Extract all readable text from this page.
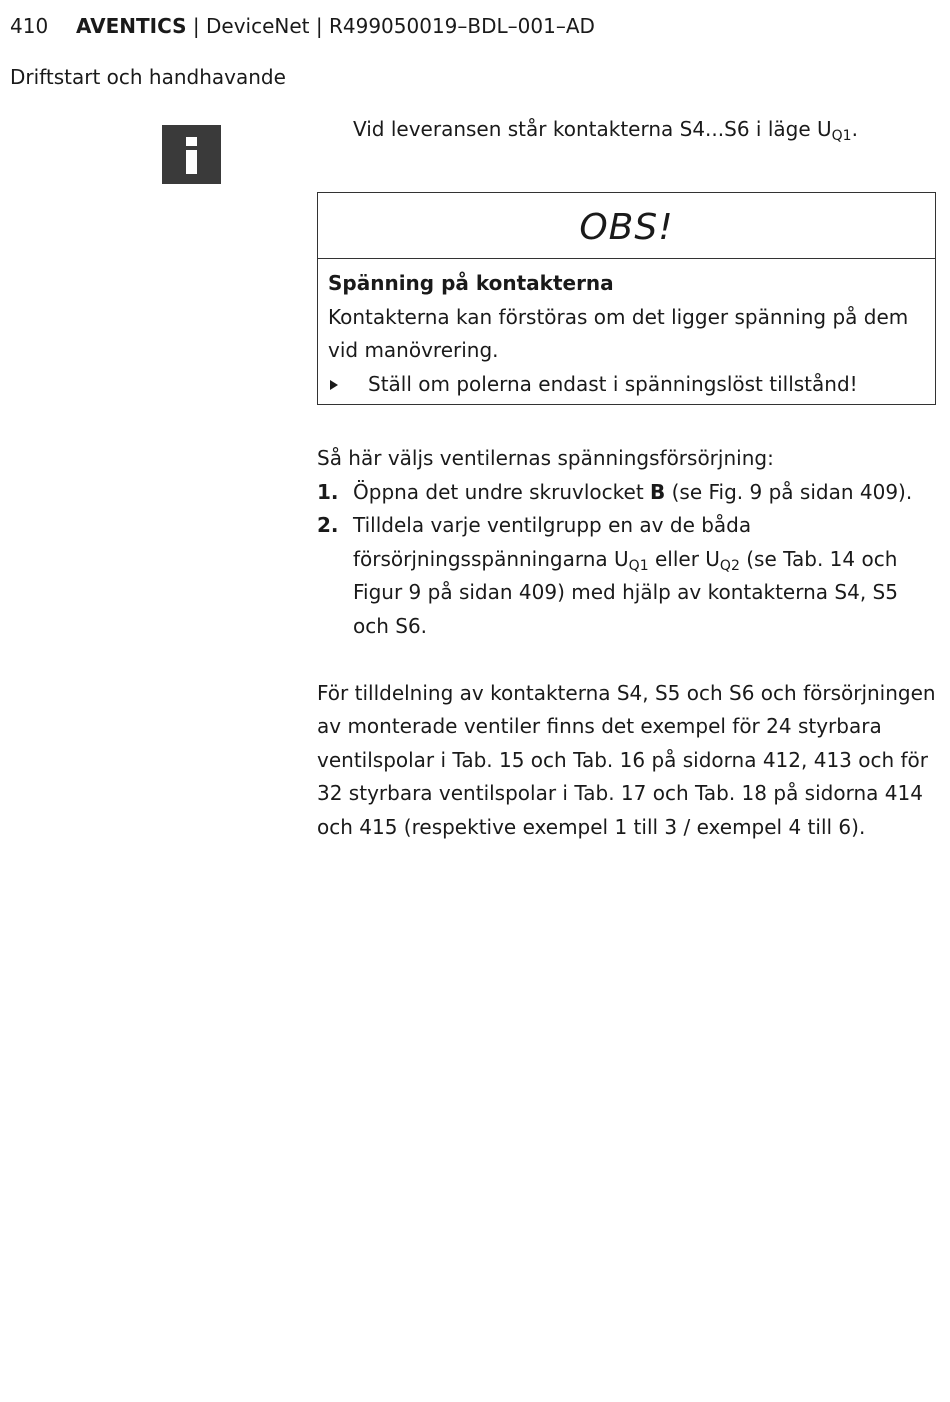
410 AVENTICS | DeviceNet | R499050019–BDL–001–AD
Driftstart och handhavande
Vid leveransen står kontakterna S4...S6 i läge $U_{Q1}$.
OBS!
Spänning på kontakterna
Kontakterna kan förstöras om det ligger spänning på dem vid manövrering.
Ställ om polerna endast i spänningslöst tillstånd!
Så här väljs ventilernas spänningsförsörjning:
1. Öppna det undre skruvlocket B (se Fig. 9 på sidan 409).
2. Tilldela varje ventilgrupp en av de båda försörjningsspänningarna $U_{Q1}$ eller $U_{Q2}$ (se Tab. 14 och Figur 9 på sidan 409) med hjälp av kontakterna S4, S5 och S6.
För tilldelning av kontakterna S4, S5 och S6 och försörjningen av monterade ventiler finns det exempel för 24 styrbara ventilspolar i Tab. 15 och Tab. 16 på sidorna 412, 413 och för 32 styrbara ventilspolar i Tab. 17 och Tab. 18 på sidorna 414 och 415 (respektive exempel 1 till 3 / exempel 4 till 6).
